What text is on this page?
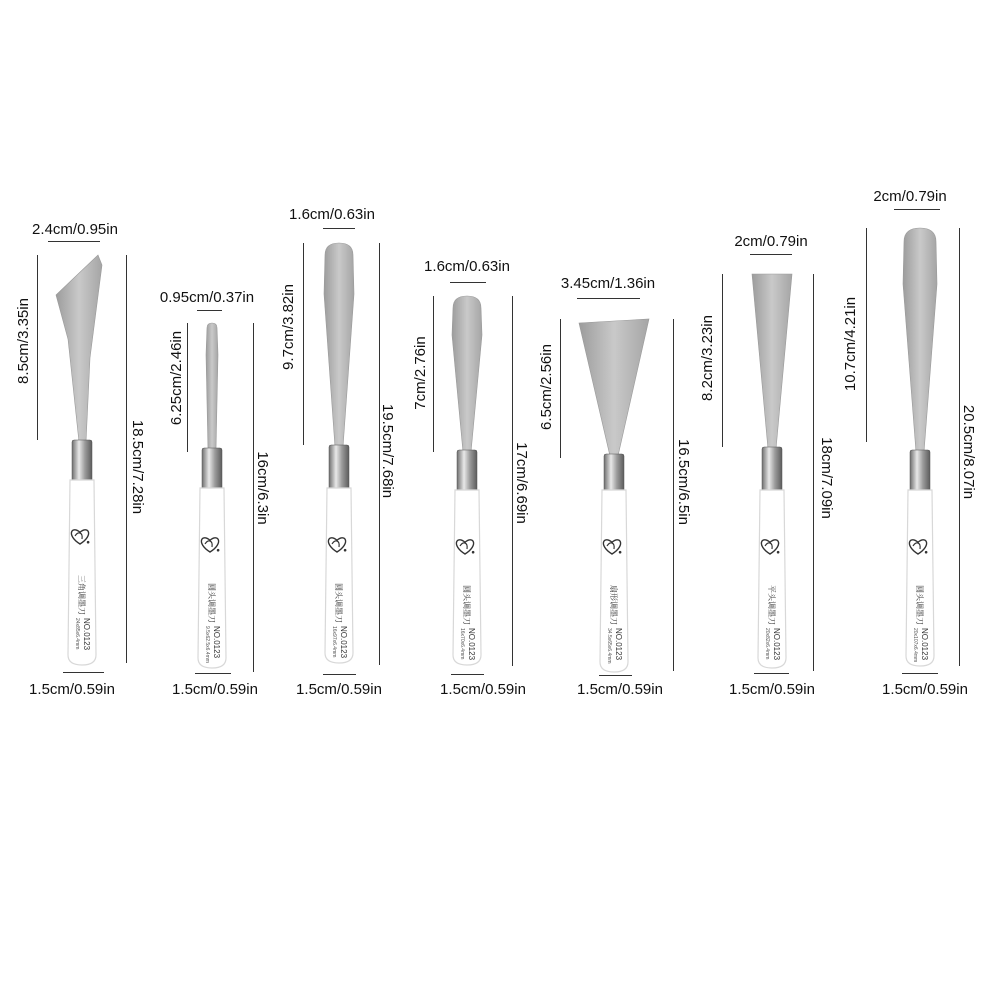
三角调墨刀
NO.0123
24x85x6.4mm
圆头调墨刀
NO.0123
9.5x62.5x6.4mm
圆头调墨刀
NO.0123
16x97x6.4mm
圆头调墨刀
NO.0123
16x70x6.4mm
扇形调墨刀
NO.0123
34.5x65x6.4mm
平头调墨刀
NO.0123
20x82x6.4mm
圆头调墨刀
NO.0123
20x107x6.4mm
2.4cm/0.95in
8.5cm/3.35in
18.5cm/7.28in
1.5cm/0.59in
0.95cm/0.37in
6.25cm/2.46in
16cm/6.3in
1.5cm/0.59in
1.6cm/0.63in
9.7cm/3.82in
19.5cm/7.68in
1.5cm/0.59in
1.6cm/0.63in
7cm/2.76in
17cm/6.69in
1.5cm/0.59in
3.45cm/1.36in
6.5cm/2.56in
16.5cm/6.5in
1.5cm/0.59in
2cm/0.79in
8.2cm/3.23in
18cm/7.09in
1.5cm/0.59in
2cm/0.79in
10.7cm/4.21in
20.5cm/8.07in
1.5cm/0.59in
